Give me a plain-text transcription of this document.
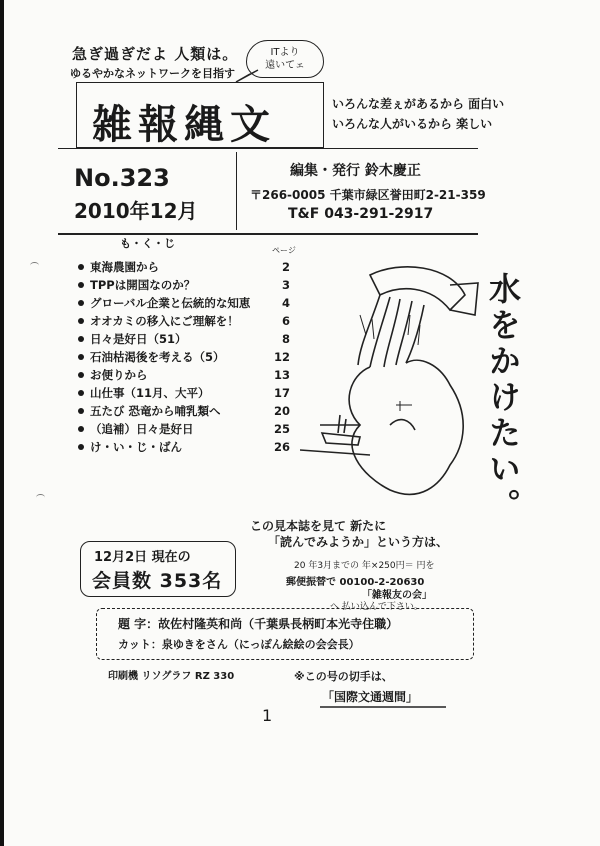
急ぎ過ぎだよ 人類は。
ゆるやかなネットワークを目指す
ITより
遠いてェ
雑報縄文	いろんな差ぇがあるから 面白い
いろんな人がいるから 楽しい
No.323
2010年12月
編集・発行 鈴木慶正
〒266-0005 千葉市緑区誉田町2-21-359
T&F 043-291-2917
も・く・じ
ページ
東海農園から	2
TPPは開国なのか？	3
グローバル企業と伝統的な知恵	4
オオカミの移入にご理解を！	6
日々是好日（51）	8
石油枯渇後を考える（5）	12
お便りから	13
山仕事（11月、大平）	17
五たび 恐竜から哺乳類へ	20
（追補）日々是好日	25
け・い・じ・ばん	26	水をかけたい。
12月2日 現在の
会員数 353名
この見本誌を見て 新たに
「読んでみようか」という方は、
20 年3月までの 年×250円＝ 円を
郵便振替で 00100-2-20630
「雑報友の会」
へ 払い込んで下さい。
題 字：故佐村隆英和尚（千葉県長柄町本光寺住職）
カット：泉ゆきをさん（にっぽん絵絵の会会長）
印刷機 リソグラフ RZ 330	※この号の切手は、
「国際文通週間」
1
